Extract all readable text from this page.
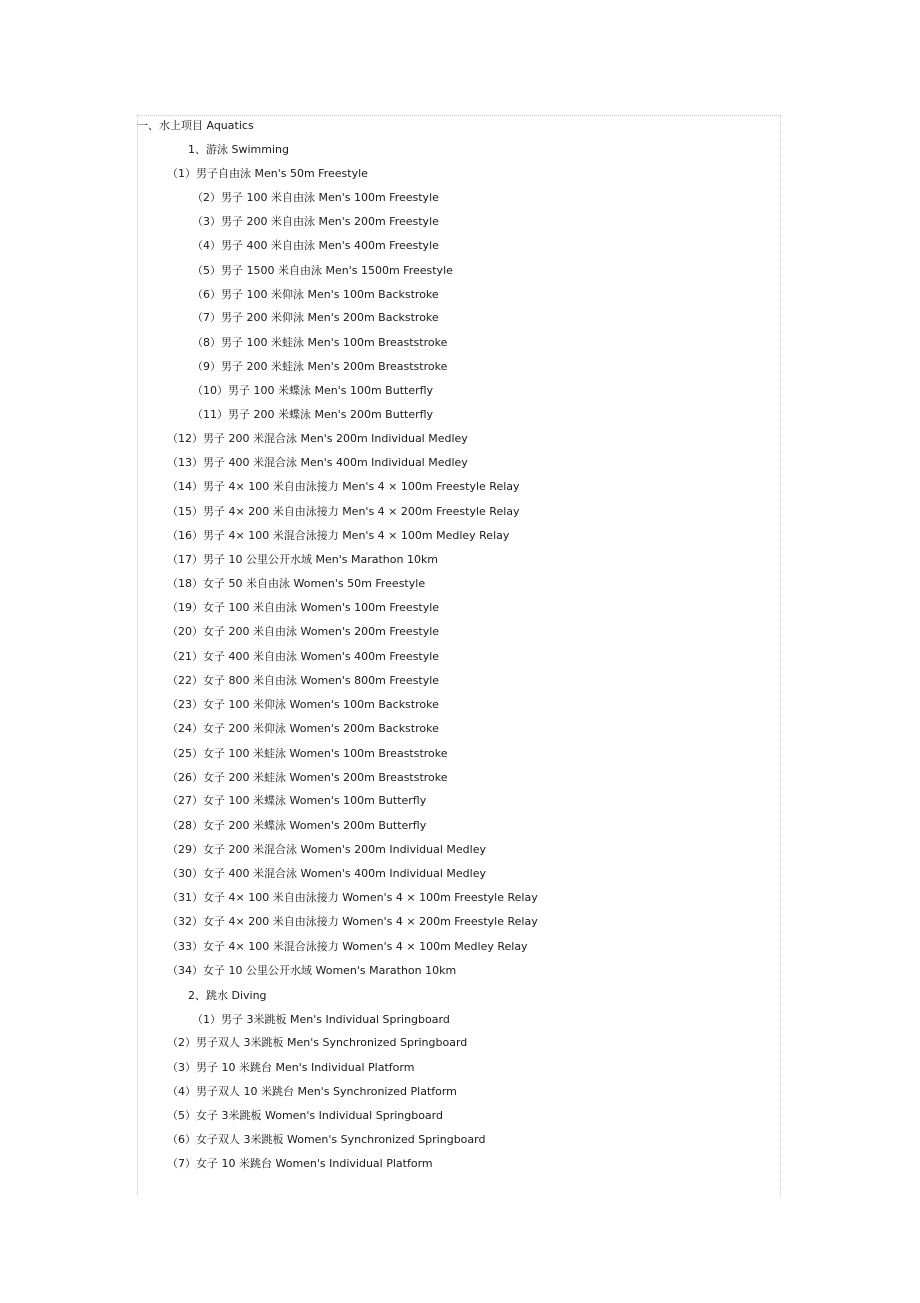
一、水上项目 Aquatics
1、游泳 Swimming
（1）男子自由泳 Men's 50m Freestyle
（2）男子 100 米自由泳 Men's 100m Freestyle
（3）男子 200 米自由泳 Men's 200m Freestyle
（4）男子 400 米自由泳 Men's 400m Freestyle
（5）男子 1500 米自由泳 Men's 1500m Freestyle
（6）男子 100 米仰泳 Men's 100m Backstroke
（7）男子 200 米仰泳 Men's 200m Backstroke
（8）男子 100 米蛙泳 Men's 100m Breaststroke
（9）男子 200 米蛙泳 Men's 200m Breaststroke
（10）男子 100 米蝶泳 Men's 100m Butterfly
（11）男子 200 米蝶泳 Men's 200m Butterfly
（12）男子 200 米混合泳 Men's 200m Individual Medley
（13）男子 400 米混合泳 Men's 400m Individual Medley
（14）男子 4× 100 米自由泳接力 Men's 4 × 100m Freestyle Relay
（15）男子 4× 200 米自由泳接力 Men's 4 × 200m Freestyle Relay
（16）男子 4× 100 米混合泳接力 Men's 4 × 100m Medley Relay
（17）男子 10 公里公开水域 Men's Marathon 10km
（18）女子 50 米自由泳 Women's 50m Freestyle
（19）女子 100 米自由泳 Women's 100m Freestyle
（20）女子 200 米自由泳 Women's 200m Freestyle
（21）女子 400 米自由泳 Women's 400m Freestyle
（22）女子 800 米自由泳 Women's 800m Freestyle
（23）女子 100 米仰泳 Women's 100m Backstroke
（24）女子 200 米仰泳 Women's 200m Backstroke
（25）女子 100 米蛙泳 Women's 100m Breaststroke
（26）女子 200 米蛙泳 Women's 200m Breaststroke
（27）女子 100 米蝶泳 Women's 100m Butterfly
（28）女子 200 米蝶泳 Women's 200m Butterfly
（29）女子 200 米混合泳 Women's 200m Individual Medley
（30）女子 400 米混合泳 Women's 400m Individual Medley
（31）女子 4× 100 米自由泳接力 Women's 4 × 100m Freestyle Relay
（32）女子 4× 200 米自由泳接力 Women's 4 × 200m Freestyle Relay
（33）女子 4× 100 米混合泳接力 Women's 4 × 100m Medley Relay
（34）女子 10 公里公开水域 Women's Marathon 10km
2、跳水 Diving
（1）男子 3米跳板 Men's Individual Springboard
（2）男子双人 3米跳板 Men's Synchronized Springboard
（3）男子 10 米跳台 Men's Individual Platform
（4）男子双人 10 米跳台 Men's Synchronized Platform
（5）女子 3米跳板 Women's Individual Springboard
（6）女子双人 3米跳板 Women's Synchronized Springboard
（7）女子 10 米跳台 Women's Individual Platform
